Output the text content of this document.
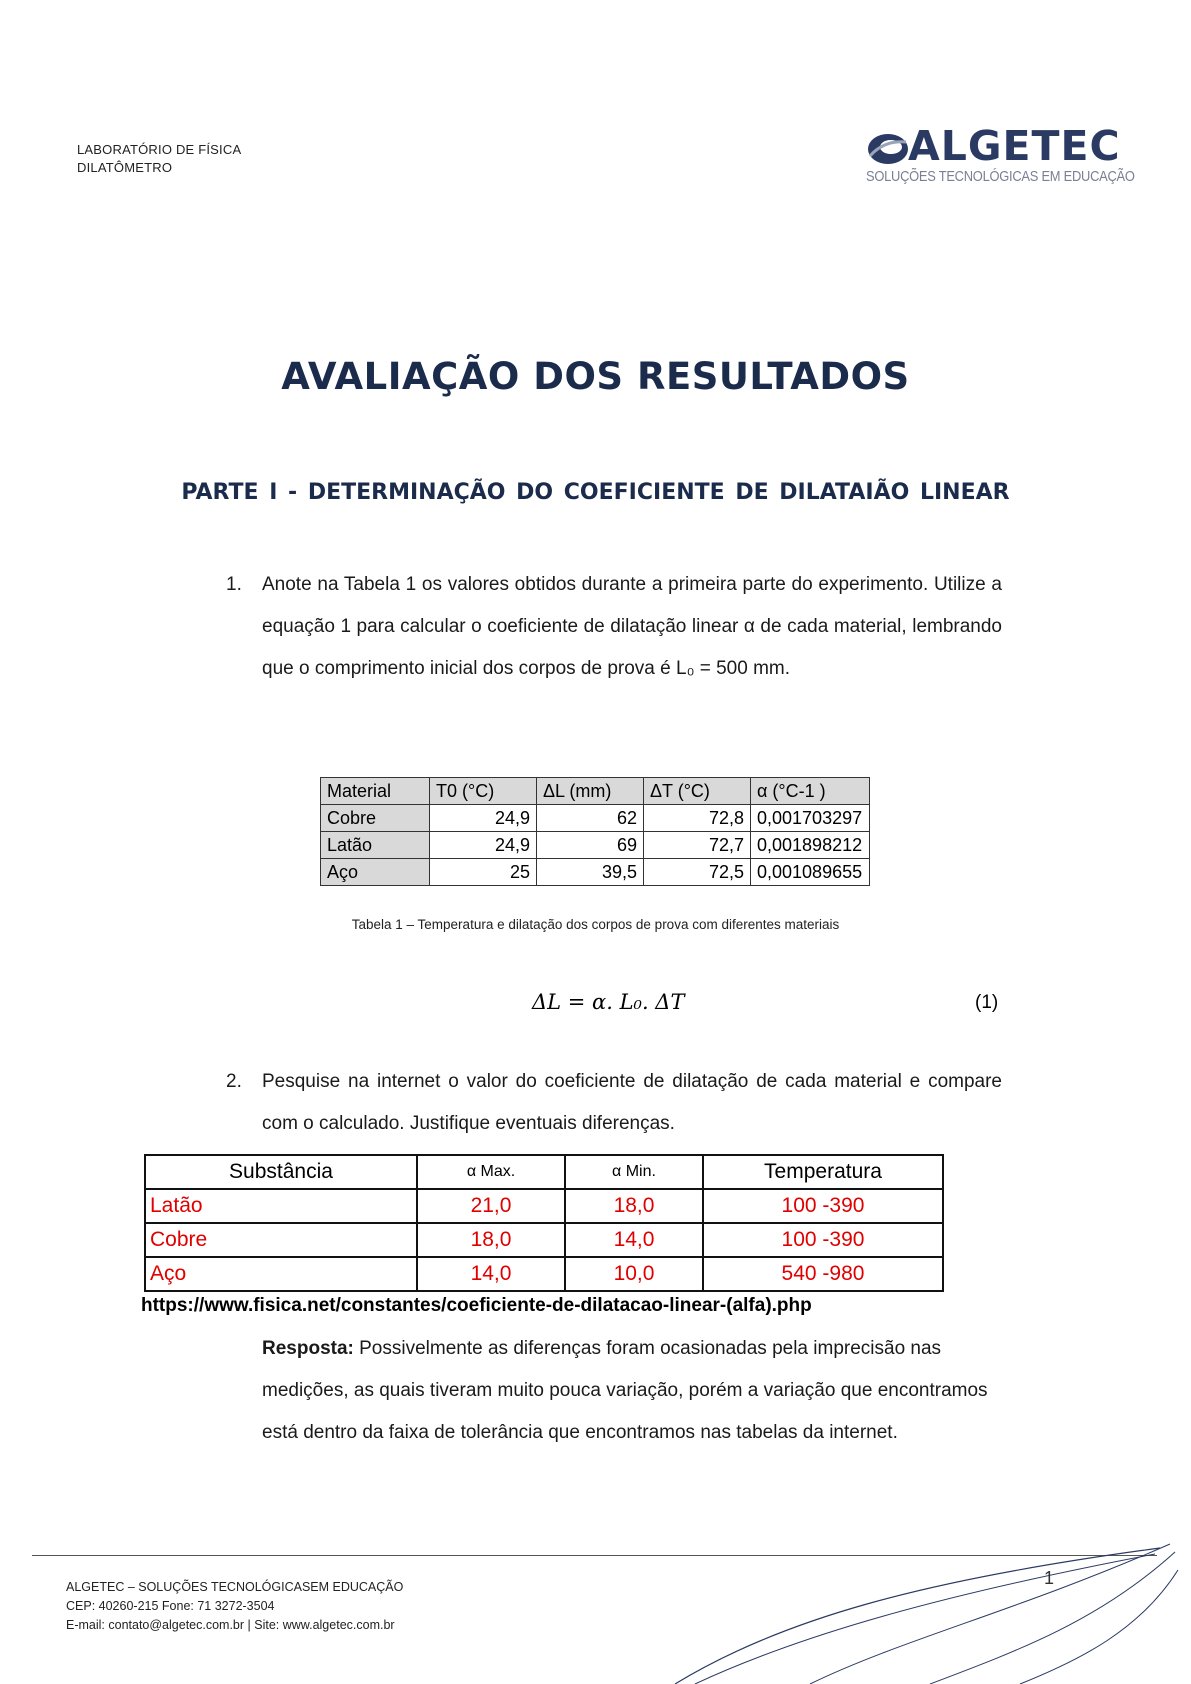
LABORATÓRIO DE FÍSICA
DILATÔMETRO	ALGETEC
SOLUÇÕES TECNOLÓGICAS EM EDUCAÇÃO
AVALIAÇÃO DOS RESULTADOS
PARTE I - DETERMINAÇÃO DO COEFICIENTE DE DILATAIÃO LINEAR
1. Anote na Tabela 1 os valores obtidos durante a primeira parte do experimento. Utilize a equação 1 para calcular o coeficiente de dilatação linear α de cada material, lembrando que o comprimento inicial dos corpos de prova é L₀ = 500 mm.
Material	T0 (°C)	ΔL (mm)	ΔT (°C)	α (°C-1 )
Cobre	24,9	62	72,8	0,001703297
Latão	24,9	69	72,7	0,001898212
Aço	25	39,5	72,5	0,001089655
Tabela 1 – Temperatura e dilatação dos corpos de prova com diferentes materiais
ΔL = α. L₀. ΔT	(1)
2. Pesquise na internet o valor do coeficiente de dilatação de cada material e compare com o calculado. Justifique eventuais diferenças.
Substância	α Max.	α Min.	Temperatura
Latão	21,0	18,0	100 -390
Cobre	18,0	14,0	100 -390
Aço	14,0	10,0	540 -980
https://www.fisica.net/constantes/coeficiente-de-dilatacao-linear-(alfa).php
Resposta: Possivelmente as diferenças foram ocasionadas pela imprecisão nas medições, as quais tiveram muito pouca variação, porém a variação que encontramos está dentro da faixa de tolerância que encontramos nas tabelas da internet.
ALGETEC – SOLUÇÕES TECNOLÓGICASEM EDUCAÇÃO
CEP: 40260-215 Fone: 71 3272-3504
E-mail: contato@algetec.com.br | Site: www.algetec.com.br
1
